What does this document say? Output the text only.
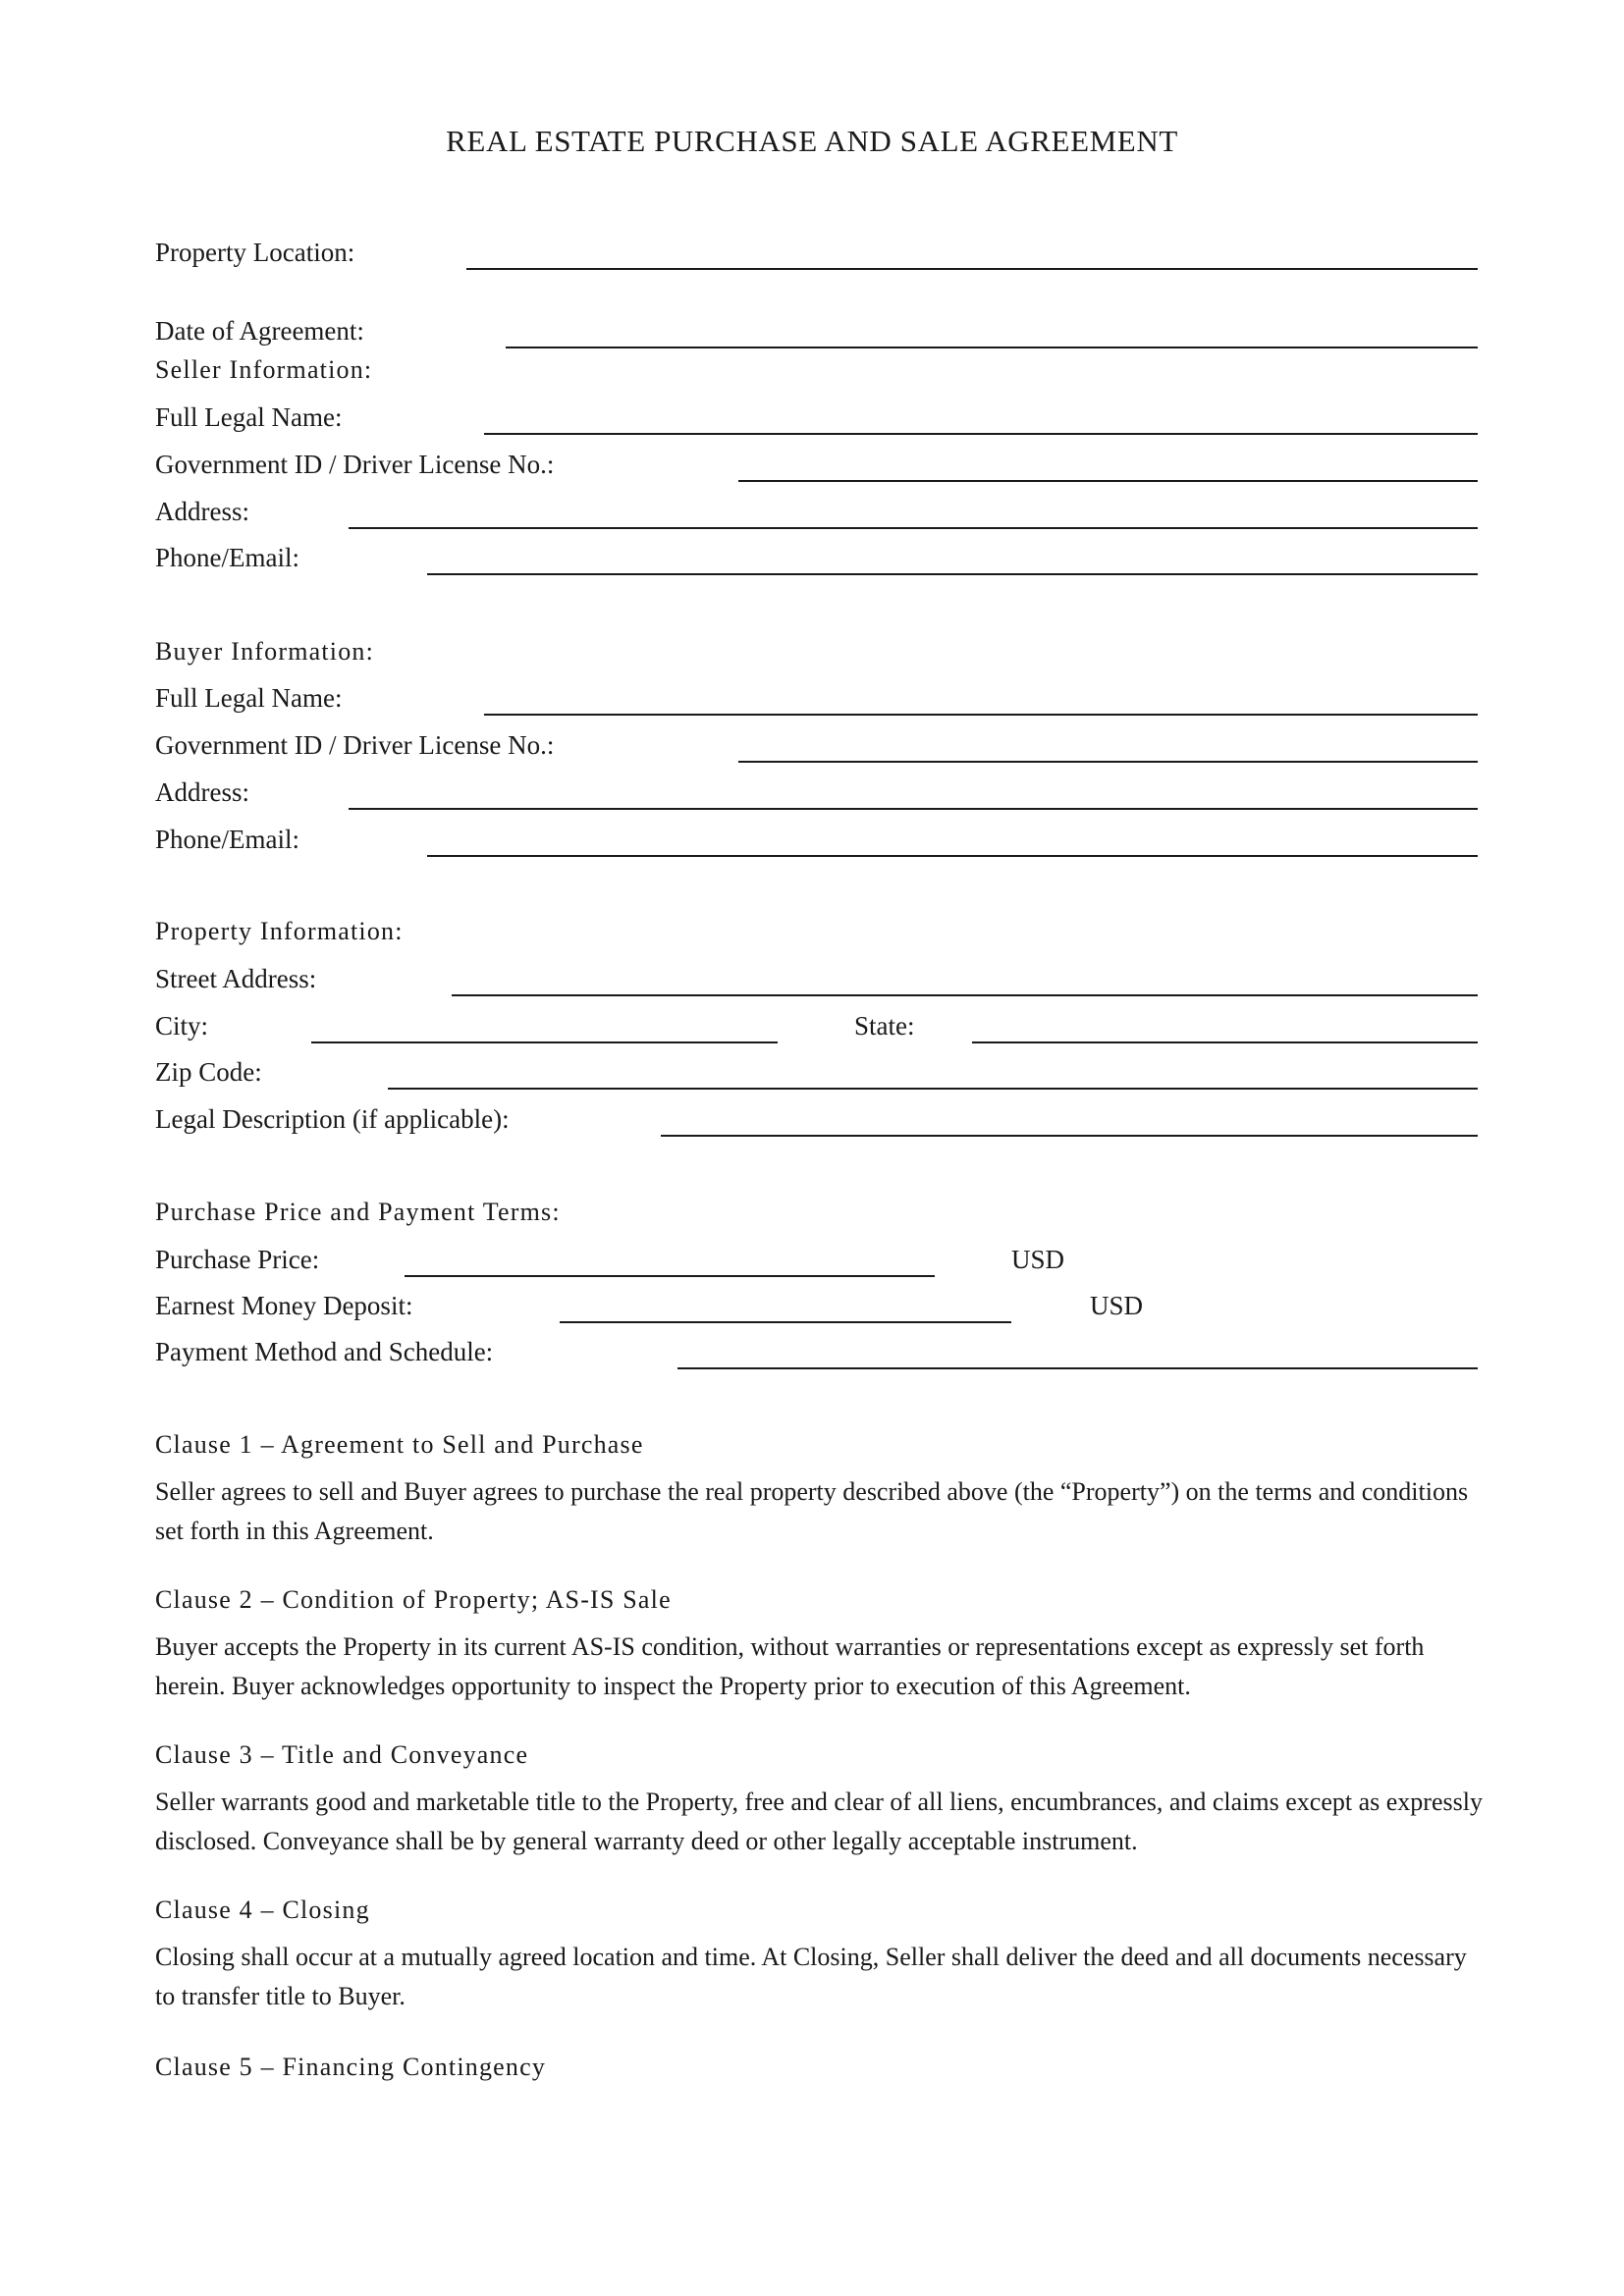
REAL ESTATE PURCHASE AND SALE AGREEMENT
Property Location:
Date of Agreement:
Seller Information:
Full Legal Name:
Government ID / Driver License No.:
Address:
Phone/Email:
Buyer Information:
Full Legal Name:
Government ID / Driver License No.:
Address:
Phone/Email:
Property Information:
Street Address:
City:	State:
Zip Code:
Legal Description (if applicable):
Purchase Price and Payment Terms:
Purchase Price:	USD
Earnest Money Deposit:	USD
Payment Method and Schedule:
Clause 1 – Agreement to Sell and Purchase
Seller agrees to sell and Buyer agrees to purchase the real property described above (the “Property”) on the terms and conditions set forth in this Agreement.
Clause 2 – Condition of Property; AS-IS Sale
Buyer accepts the Property in its current AS-IS condition, without warranties or representations except as expressly set forth herein. Buyer acknowledges opportunity to inspect the Property prior to execution of this Agreement.
Clause 3 – Title and Conveyance
Seller warrants good and marketable title to the Property, free and clear of all liens, encumbrances, and claims except as expressly disclosed. Conveyance shall be by general warranty deed or other legally acceptable instrument.
Clause 4 – Closing
Closing shall occur at a mutually agreed location and time. At Closing, Seller shall deliver the deed and all documents necessary to transfer title to Buyer.
Clause 5 – Financing Contingency
